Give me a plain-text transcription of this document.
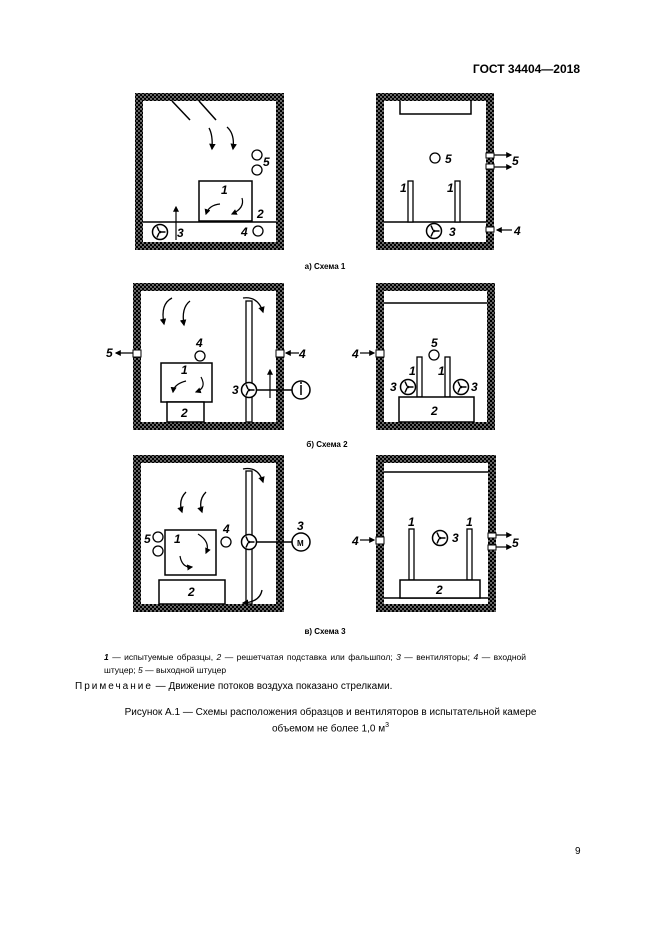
ГОСТ 34404—2018
1
2
3	4
5
1	1
5
3
5
4
4
1
2
3
5	4
5
1 1
3	3
2
4
1
2
4
5
3
M
1	1
3
2
4	5
а) Схема 1
б) Схема 2
в) Схема 3
1 — испытуемые образцы, 2 — решетчатая подставка или фальшпол; 3 — вентиляторы; 4 — входной штуцер; 5 — выходной штуцер
Примечание — Движение потоков воздуха показано стрелками.
Рисунок А.1 — Схемы расположения образцов и вентиляторов в испытательной камере
объемом не более 1,0 $м^3$
9
